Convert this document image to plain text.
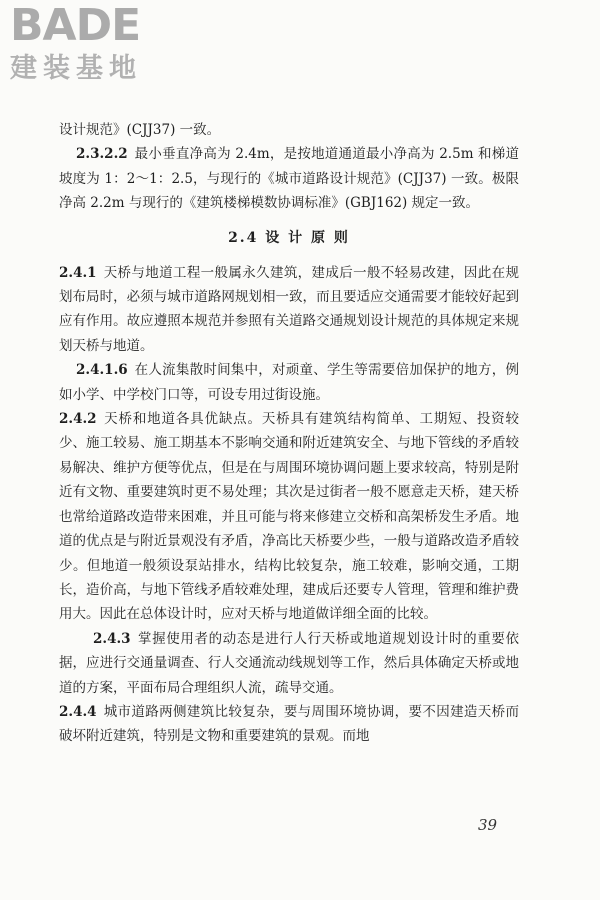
BADE
建装基地

设计规范》(CJJ37) 一致。

2.3.2.2  最小垂直净高为 2.4m，是按地道通道最小净高为 2.5m 和梯道坡度为 1：2～1：2.5，与现行的《城市道路设计规范》(CJJ37) 一致。极限净高 2.2m 与现行的《建筑楼梯模数协调标准》(GBJ162) 规定一致。

2.4 设 计 原 则

2.4.1  天桥与地道工程一般属永久建筑，建成后一般不轻易改建，因此在规划布局时，必须与城市道路网规划相一致，而且要适应交通需要才能较好起到应有作用。故应遵照本规范并参照有关道路交通规划设计规范的具体规定来规划天桥与地道。

2.4.1.6  在人流集散时间集中，对顽童、学生等需要倍加保护的地方，例如小学、中学校门口等，可设专用过街设施。

2.4.2  天桥和地道各具优缺点。天桥具有建筑结构简单、工期短、投资较少、施工较易、施工期基本不影响交通和附近建筑安全、与地下管线的矛盾较易解决、维护方便等优点，但是在与周围环境协调问题上要求较高，特别是附近有文物、重要建筑时更不易处理；其次是过街者一般不愿意走天桥，建天桥也常给道路改造带来困难，并且可能与将来修建立交桥和高架桥发生矛盾。地道的优点是与附近景观没有矛盾，净高比天桥要少些，一般与道路改造矛盾较少。但地道一般须设泵站排水，结构比较复杂，施工较难，影响交通，工期长，造价高，与地下管线矛盾较难处理，建成后还要专人管理，管理和维护费用大。因此在总体设计时，应对天桥与地道做详细全面的比较。

2.4.3  掌握使用者的动态是进行人行天桥或地道规划设计时的重要依据，应进行交通量调查、行人交通流动线规划等工作，然后具体确定天桥或地道的方案，平面布局合理组织人流，疏导交通。

2.4.4  城市道路两侧建筑比较复杂，要与周围环境协调，要不因建造天桥而破坏附近建筑，特别是文物和重要建筑的景观。而地

39
